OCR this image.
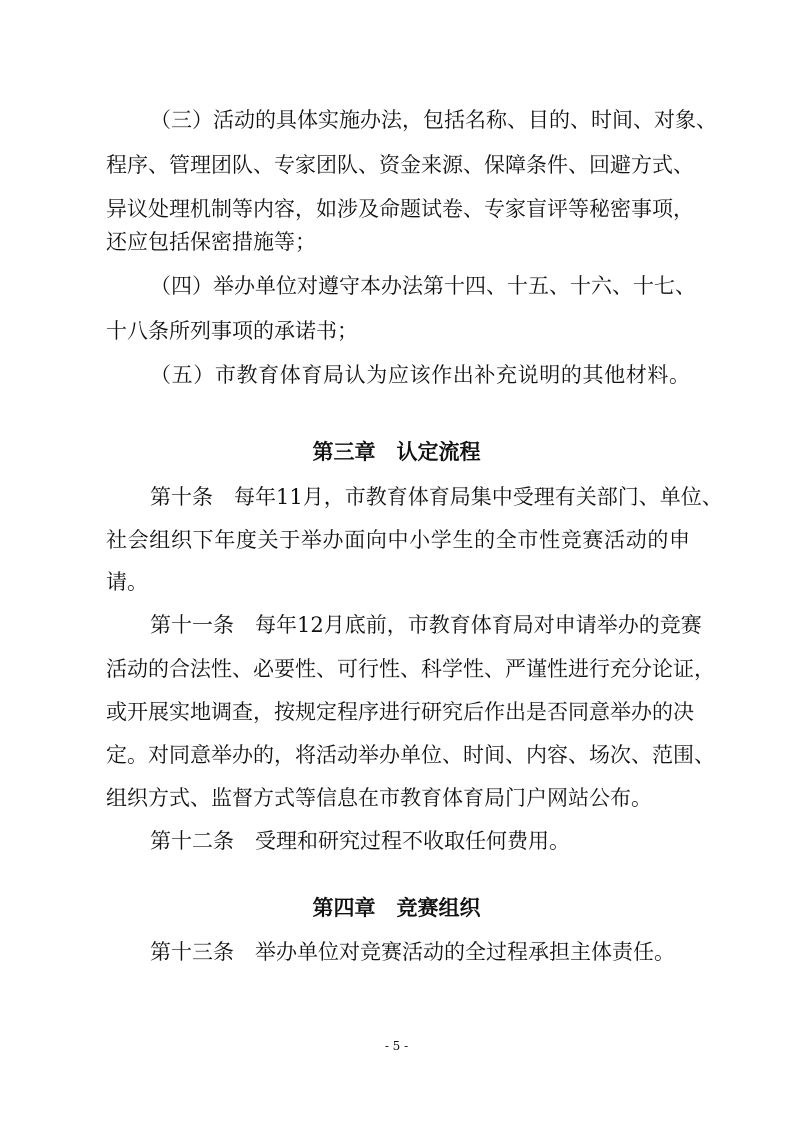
（三）活动的具体实施办法，包括名称、目的、时间、对象、
程序、管理团队、专家团队、资金来源、保障条件、回避方式、
异议处理机制等内容，如涉及命题试卷、专家盲评等秘密事项，
还应包括保密措施等；
（四）举办单位对遵守本办法第十四、十五、十六、十七、
十八条所列事项的承诺书；
（五）市教育体育局认为应该作出补充说明的其他材料。
第三章　认定流程
第十条　每年11月，市教育体育局集中受理有关部门、单位、
社会组织下年度关于举办面向中小学生的全市性竞赛活动的申
请。
第十一条　每年12月底前，市教育体育局对申请举办的竞赛
活动的合法性、必要性、可行性、科学性、严谨性进行充分论证，
或开展实地调查，按规定程序进行研究后作出是否同意举办的决
定。对同意举办的，将活动举办单位、时间、内容、场次、范围、
组织方式、监督方式等信息在市教育体育局门户网站公布。
第十二条　受理和研究过程不收取任何费用。
第四章　竞赛组织
第十三条　举办单位对竞赛活动的全过程承担主体责任。
- 5 -
